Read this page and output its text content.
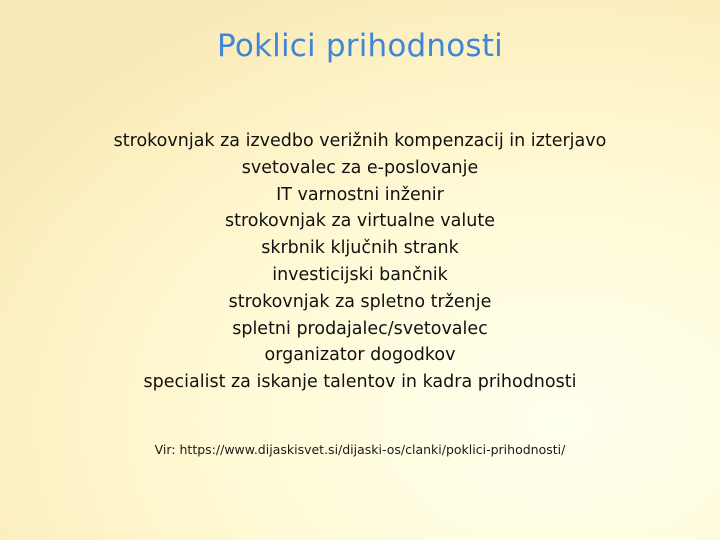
Poklici prihodnosti
strokovnjak za izvedbo verižnih kompenzacij in izterjavo
svetovalec za e-poslovanje
IT varnostni inženir
strokovnjak za virtualne valute
skrbnik ključnih strank
investicijski bančnik
strokovnjak za spletno trženje
spletni prodajalec/svetovalec
organizator dogodkov
specialist za iskanje talentov in kadra prihodnosti

Vir: https://www.dijaskisvet.si/dijaski-os/clanki/poklici-prihodnosti/
